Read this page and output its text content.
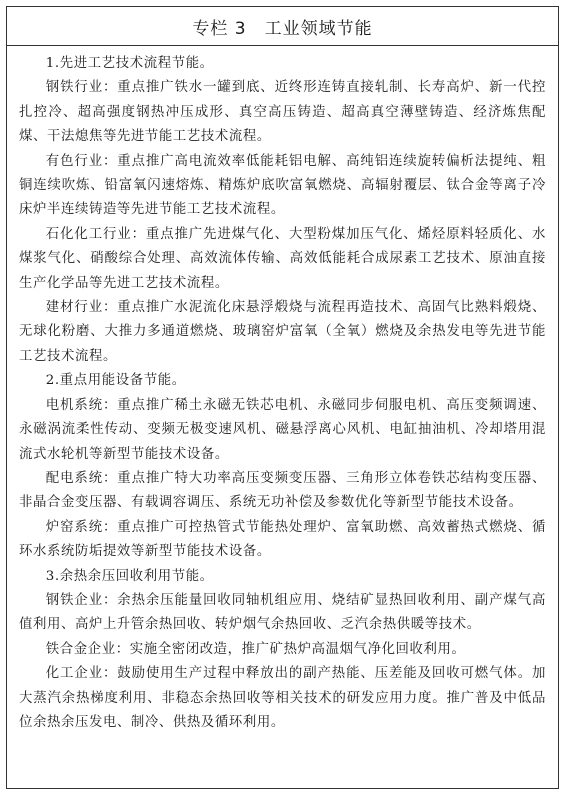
专栏 3　工业领域节能

1.先进工艺技术流程节能。

钢铁行业：重点推广铁水一罐到底、近终形连铸直接轧制、长寿高炉、新一代控扎控冷、超高强度钢热冲压成形、真空高压铸造、超高真空薄壁铸造、经济炼焦配煤、干法熄焦等先进节能工艺技术流程。

有色行业：重点推广高电流效率低能耗铝电解、高纯铝连续旋转偏析法提纯、粗铜连续吹炼、铅富氧闪速熔炼、精炼炉底吹富氧燃烧、高辐射覆层、钛合金等离子冷床炉半连续铸造等先进节能工艺技术流程。

石化化工行业：重点推广先进煤气化、大型粉煤加压气化、烯烃原料轻质化、水煤浆气化、硝酸综合处理、高效流体传输、高效低能耗合成尿素工艺技术、原油直接生产化学品等先进工艺技术流程。

建材行业：重点推广水泥流化床悬浮煅烧与流程再造技术、高固气比熟料煅烧、无球化粉磨、大推力多通道燃烧、玻璃窑炉富氧（全氧）燃烧及余热发电等先进节能工艺技术流程。

2.重点用能设备节能。

电机系统：重点推广稀土永磁无铁芯电机、永磁同步伺服电机、高压变频调速、永磁涡流柔性传动、变频无极变速风机、磁悬浮离心风机、电缸抽油机、冷却塔用混流式水轮机等新型节能技术设备。

配电系统：重点推广特大功率高压变频变压器、三角形立体卷铁芯结构变压器、非晶合金变压器、有载调容调压、系统无功补偿及参数优化等新型节能技术设备。

炉窑系统：重点推广可控热管式节能热处理炉、富氧助燃、高效蓄热式燃烧、循环水系统防垢提效等新型节能技术设备。

3.余热余压回收利用节能。

钢铁企业：余热余压能量回收同轴机组应用、烧结矿显热回收利用、副产煤气高值利用、高炉上升管余热回收、转炉烟气余热回收、乏汽余热供暖等技术。

铁合金企业：实施全密闭改造，推广矿热炉高温烟气净化回收利用。

化工企业：鼓励使用生产过程中释放出的副产热能、压差能及回收可燃气体。加大蒸汽余热梯度利用、非稳态余热回收等相关技术的研发应用力度。推广普及中低品位余热余压发电、制冷、供热及循环利用。
